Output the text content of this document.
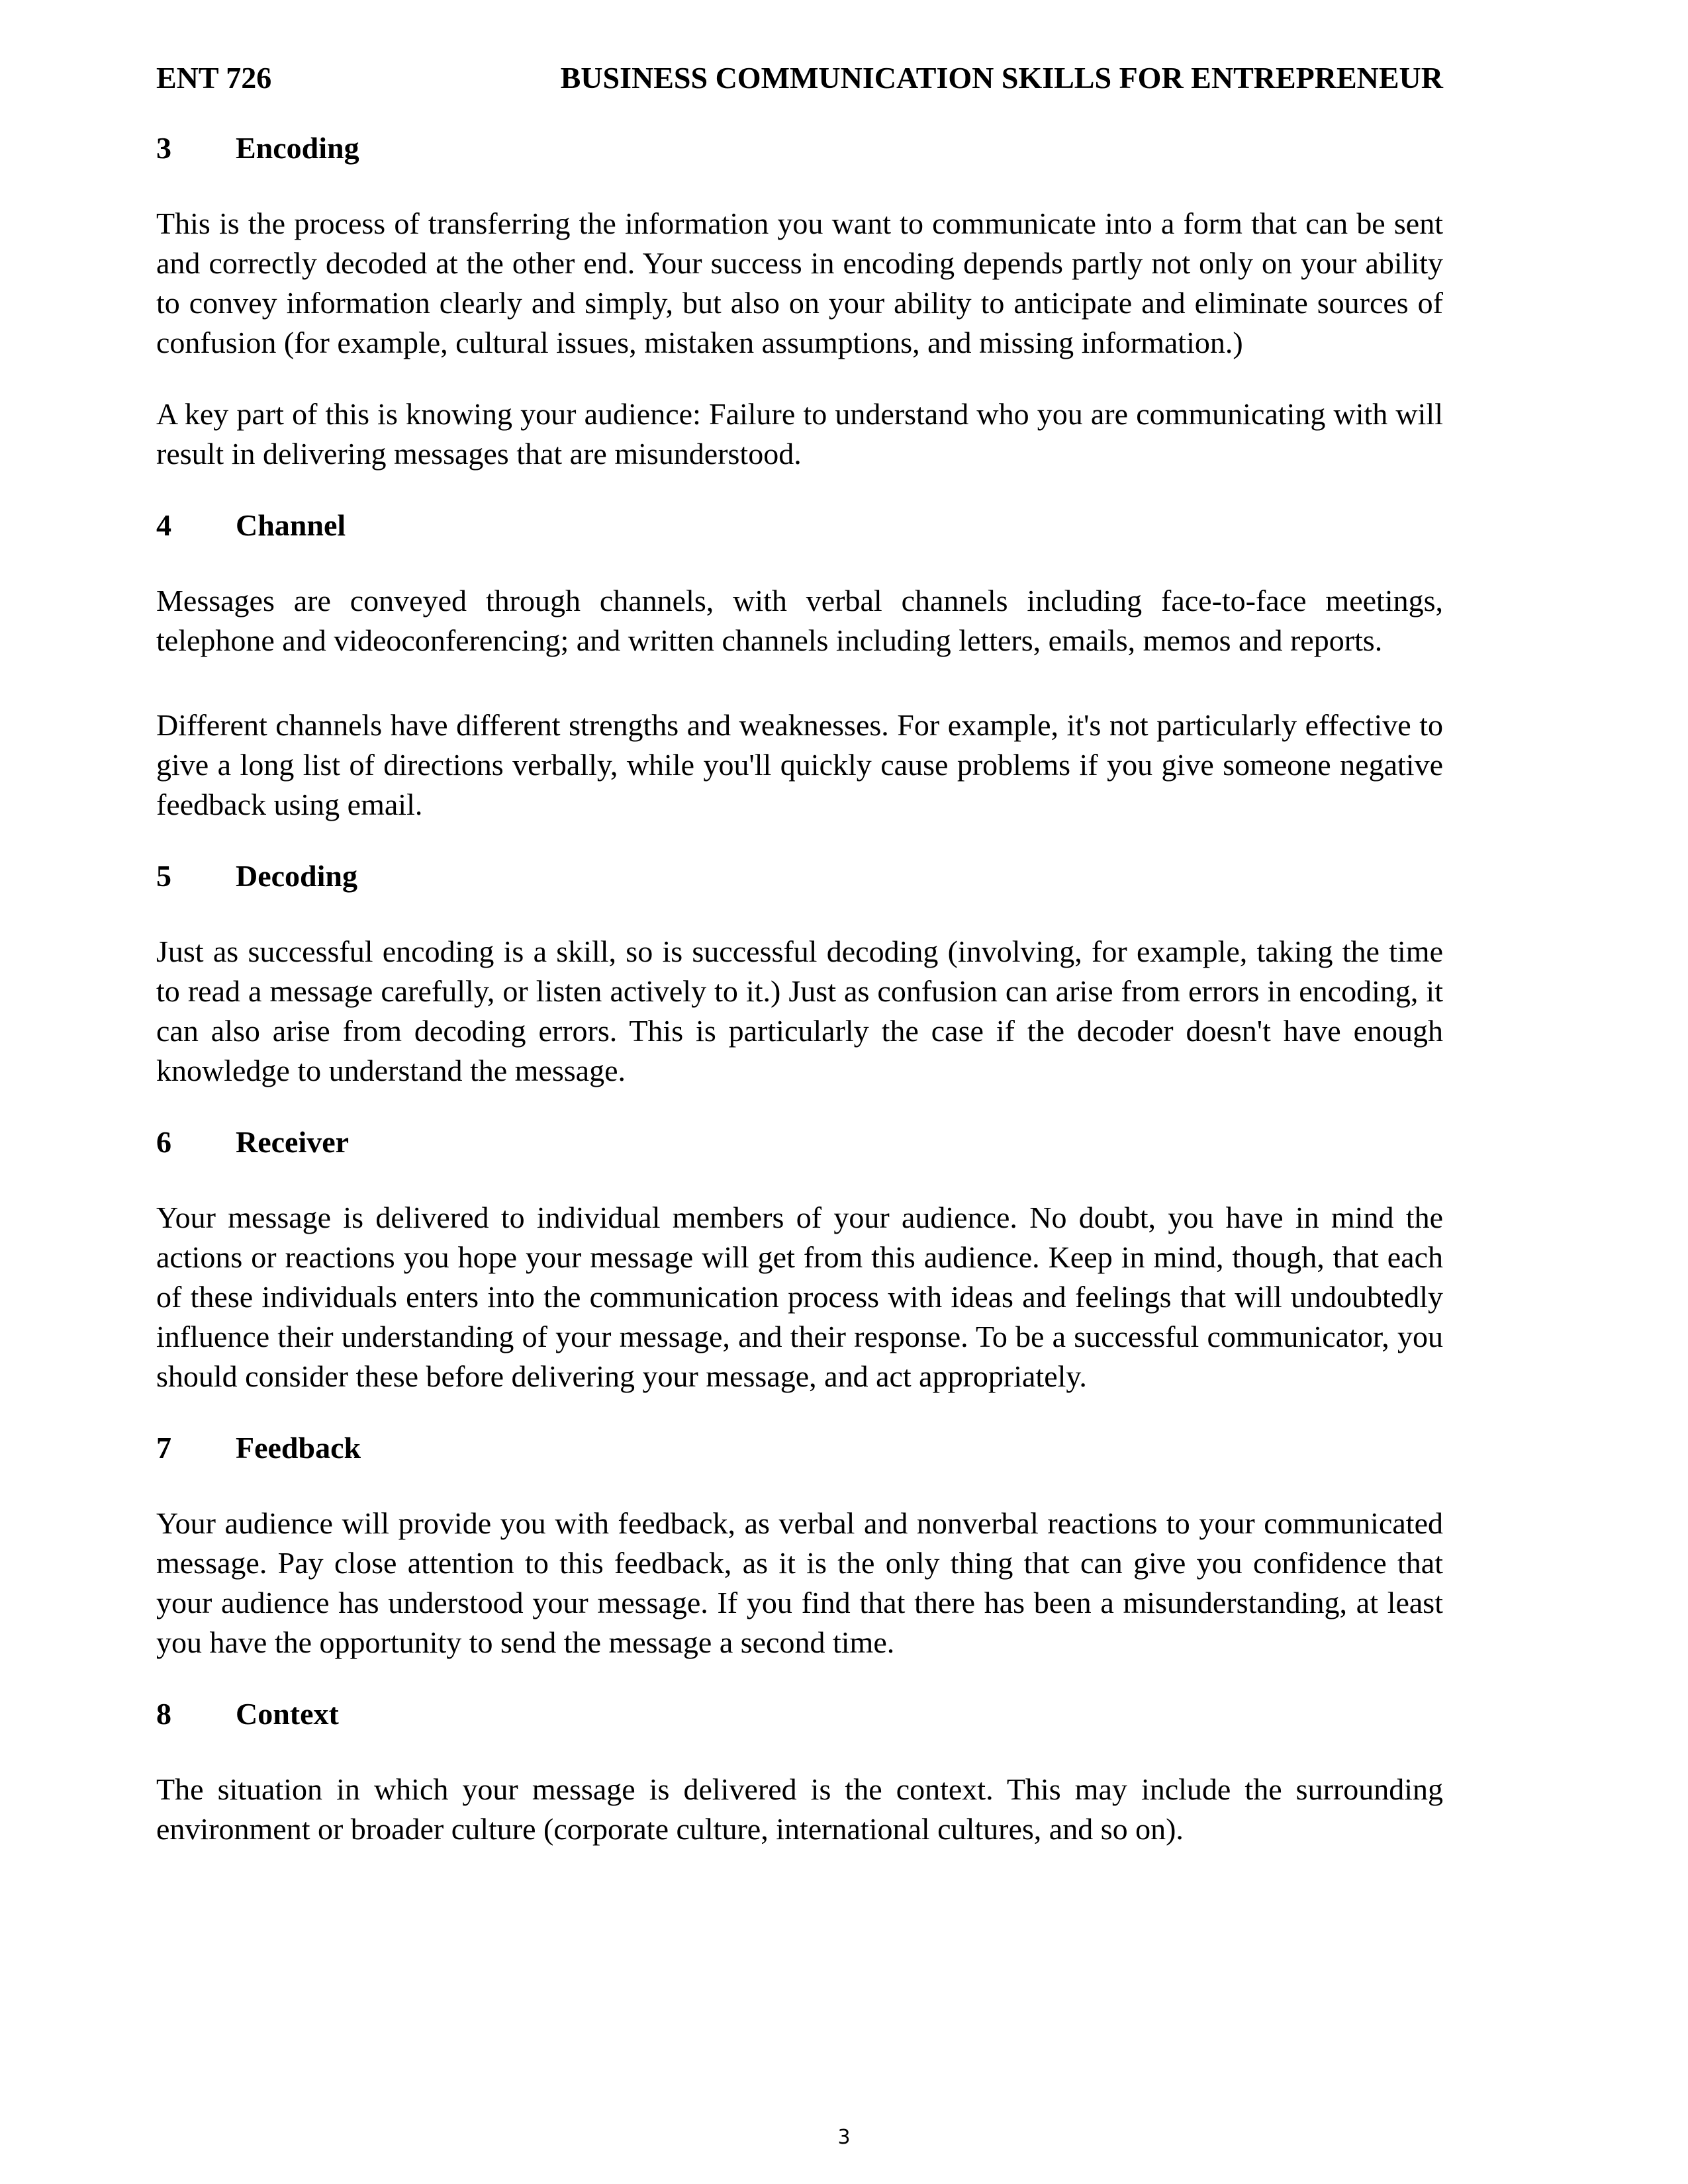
ENT 726	BUSINESS COMMUNICATION SKILLS FOR ENTREPRENEUR
3 Encoding

This is the process of transferring the information you want to communicate into a form that can be sent and correctly decoded at the other end. Your success in encoding depends partly not only on your ability to convey information clearly and simply, but also on your ability to anticipate and eliminate sources of confusion (for example, cultural issues, mistaken assumptions, and missing information.)

A key part of this is knowing your audience: Failure to understand who you are communicating with will result in delivering messages that are misunderstood.

4 Channel

Messages are conveyed through channels, with verbal channels including face-to-face meetings, telephone and videoconferencing; and written channels including letters, emails, memos and reports.

Different channels have different strengths and weaknesses. For example, it's not particularly effective to give a long list of directions verbally, while you'll quickly cause problems if you give someone negative feedback using email.

5 Decoding

Just as successful encoding is a skill, so is successful decoding (involving, for example, taking the time to read a message carefully, or listen actively to it.) Just as confusion can arise from errors in encoding, it can also arise from decoding errors. This is particularly the case if the decoder doesn't have enough knowledge to understand the message.

6 Receiver

Your message is delivered to individual members of your audience. No doubt, you have in mind the actions or reactions you hope your message will get from this audience. Keep in mind, though, that each of these individuals enters into the communication process with ideas and feelings that will undoubtedly influence their understanding of your message, and their response. To be a successful communicator, you should consider these before delivering your message, and act appropriately.

7 Feedback

Your audience will provide you with feedback, as verbal and nonverbal reactions to your communicated message. Pay close attention to this feedback, as it is the only thing that can give you confidence that your audience has understood your message. If you find that there has been a misunderstanding, at least you have the opportunity to send the message a second time.

8 Context

The situation in which your message is delivered is the context. This may include the surrounding environment or broader culture (corporate culture, international cultures, and so on).

3
